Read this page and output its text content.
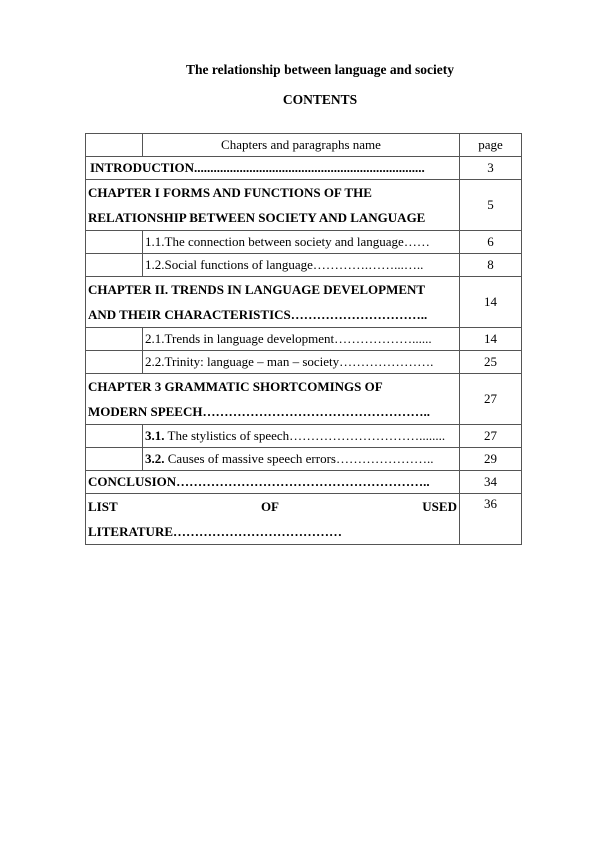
The relationship between language and society
CONTENTS
	Chapters and paragraphs name	page
INTRODUCTION.......................................................................		3

CHAPTER I FORMS AND FUNCTIONS OF THE
RELATIONSHIP BETWEEN SOCIETY AND LANGUAGE		5
	1.1.The connection between society and language……	6
	1.2.Social functions of language………….……...…..	8

CHAPTER II. TRENDS IN LANGUAGE DEVELOPMENT
AND THEIR CHARACTERISTICS…………………………..		14
	2.1.Trends in language development………………......	14
	2.2.Trinity: language – man – society………………….	25

CHAPTER 3 GRAMMATIC SHORTCOMINGS OF
MODERN SPEECH……………………………………………..		27
	3.1. The stylistics of speech…………………………........	27
	3.2. Causes of massive speech errors…………………..	29
CONCLUSION…………………………………………………..		34

LIST OF USED
LITERATURE…………………………………		36
